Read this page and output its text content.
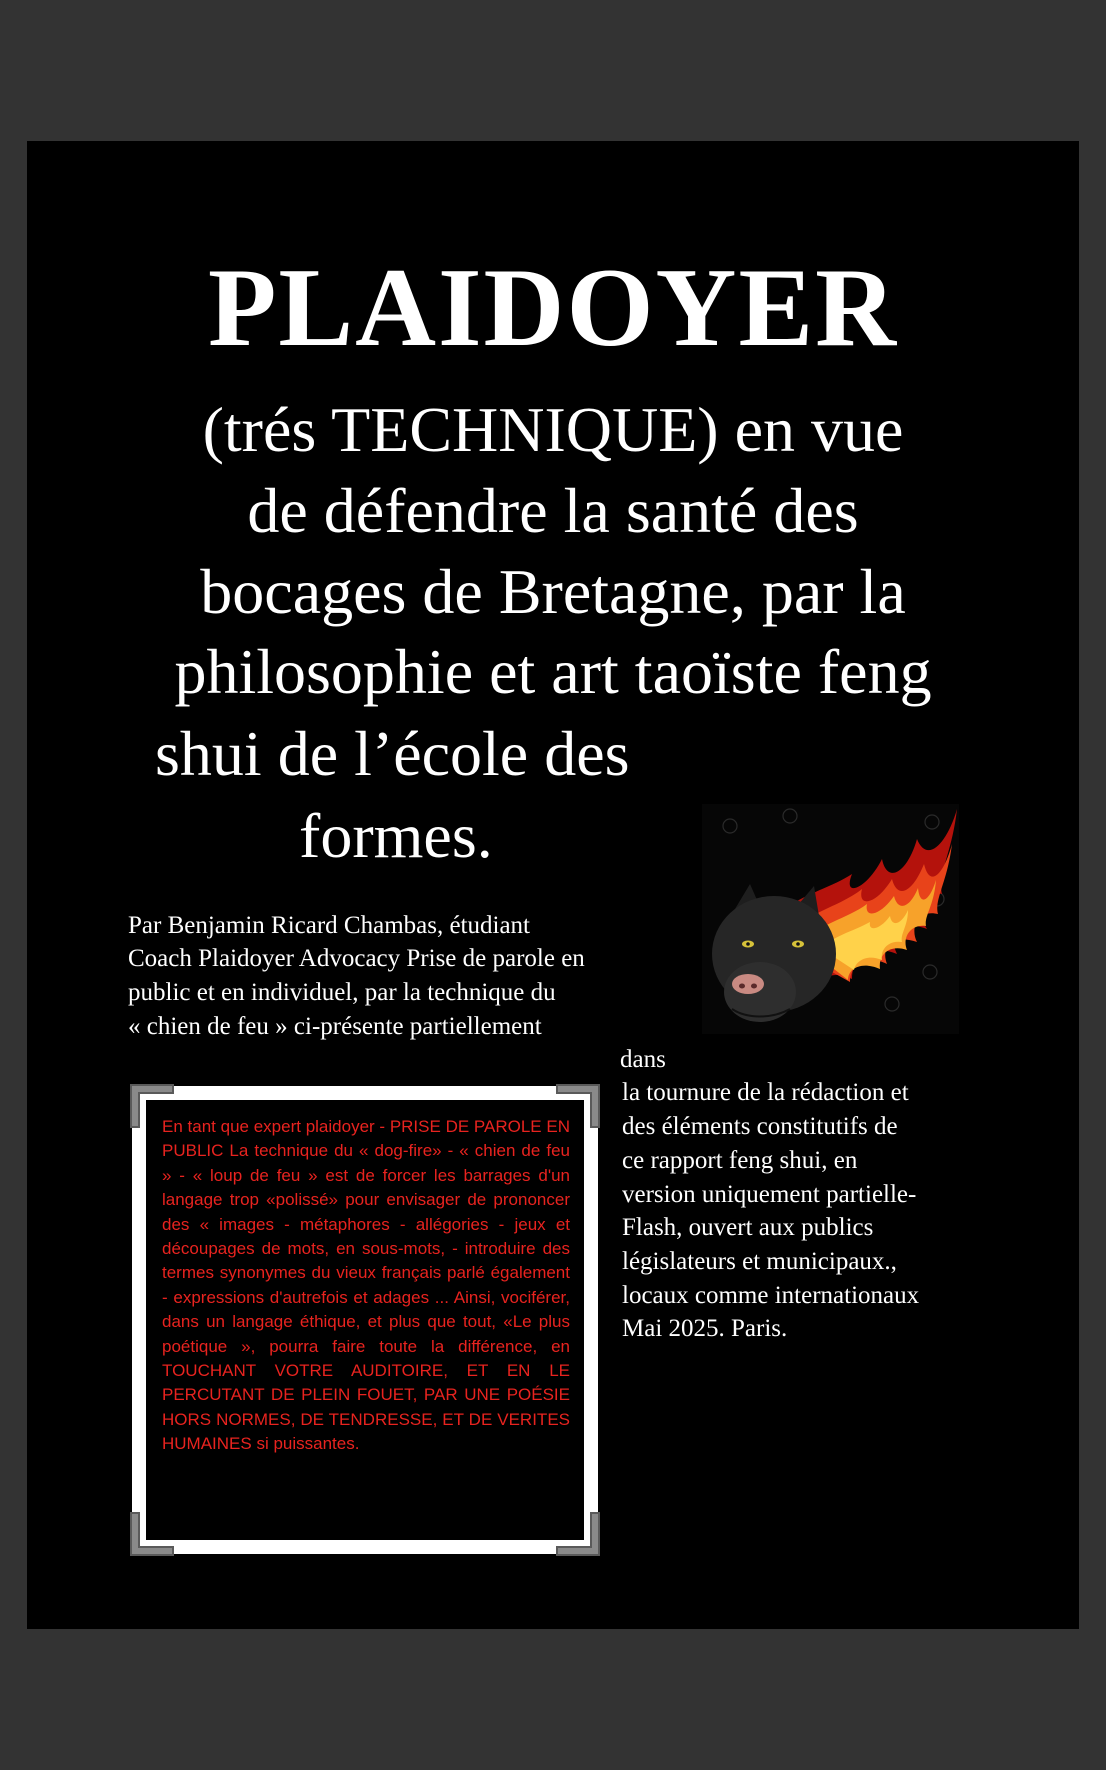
PLAIDOYER

(trés TECHNIQUE) en vue

de défendre la santé des

bocages de Bretagne, par la

philosophie et art taoïste feng

shui de l’école des

formes.

Par Benjamin Ricard Chambas, étudiant

Coach Plaidoyer Advocacy Prise de parole en

public et en individuel, par la technique du

« chien de feu » ci-présente partiellement

dans

la tournure de la rédaction et

des éléments constitutifs de

ce rapport feng shui, en

version uniquement partielle-

Flash, ouvert aux publics

législateurs et municipaux.,

locaux comme internationaux

Mai 2025. Paris.

En tant que expert plaidoyer - PRISE DE PAROLE EN PUBLIC La technique du « dog-fire» - « chien de feu » - « loup de feu » est de forcer les barrages d'un langage trop «polissé» pour envisager de prononcer des « images - métaphores - allégories - jeux et découpages de mots, en sous-mots, - introduire des termes synonymes du vieux français parlé également - expressions d'autrefois et adages ... Ainsi, vociférer, dans un langage éthique, et plus que tout, «Le plus poétique », pourra faire toute la différence, en TOUCHANT VOTRE AUDITOIRE, ET EN LE PERCUTANT DE PLEIN FOUET, PAR UNE POÉSIE HORS NORMES, DE TENDRESSE, ET DE VERITES HUMAINES si puissantes.
